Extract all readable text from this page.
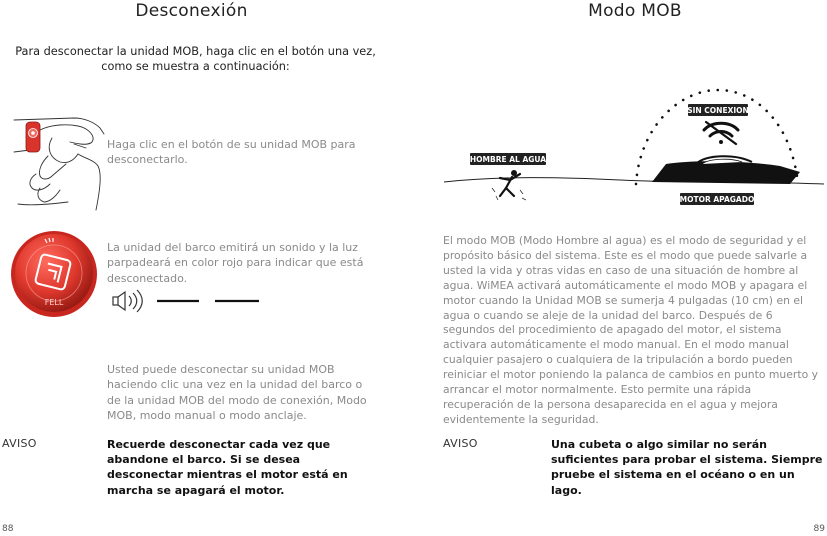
Desconexión
Para desconectar la unidad MOB, haga clic en el botón una vez, como se muestra a continuación:
Haga clic en el botón de su unidad MOB para desconectarlo.
FELL
La unidad del barco emitirá un sonido y la luz parpadeará en color rojo para indicar que está desconectado.
Usted puede desconectar su unidad MOB haciendo clic una vez en la unidad del barco o de la unidad MOB del modo de conexión, Modo MOB, modo manual o modo anclaje.
AVISO	Recuerde desconectar cada vez que abandone el barco. Si se desea desconectar mientras el motor está en marcha se apagará el motor.
88
Modo MOB
SIN CONEXION
HOMBRE AL AGUA
MOTOR APAGADO
El modo MOB (Modo Hombre al agua) es el modo de seguridad y el propósito básico del sistema. Este es el modo que puede salvarle a usted la vida y otras vidas en caso de una situación de hombre al agua. WiMEA activará automáticamente el modo MOB y apagara el motor cuando la Unidad MOB se sumerja 4 pulgadas (10 cm) en el agua o cuando se aleje de la unidad del barco. Después de 6 segundos del procedimiento de apagado del motor, el sistema activara automáticamente el modo manual. En el modo manual cualquier pasajero o cualquiera de la tripulación a bordo pueden reiniciar el motor poniendo la palanca de cambios en punto muerto y arrancar el motor normalmente. Esto permite una rápida recuperación de la persona desaparecida en el agua y mejora evidentemente la seguridad.
AVISO	Una cubeta o algo similar no serán suficientes para probar el sistema. Siempre pruebe el sistema en el océano o en un lago.
89
